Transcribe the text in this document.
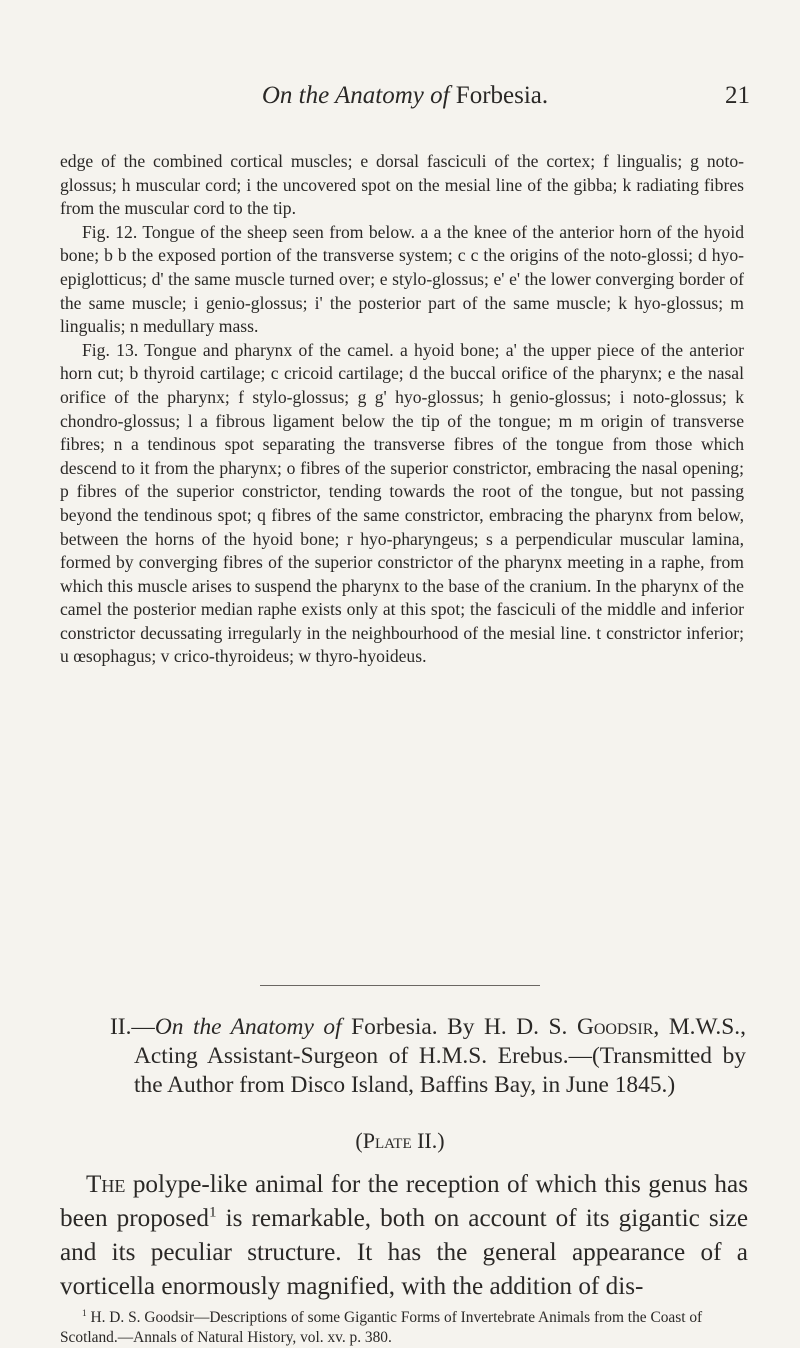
On the Anatomy of Forbesia.	21

edge of the combined cortical muscles; e dorsal fasciculi of the cortex; f lingualis; g noto-glossus; h muscular cord; i the uncovered spot on the mesial line of the gibba; k radiating fibres from the muscular cord to the tip.

Fig. 12. Tongue of the sheep seen from below. a a the knee of the anterior horn of the hyoid bone; b b the exposed portion of the transverse system; c c the origins of the noto-glossi; d hyo-epiglotticus; d' the same muscle turned over; e stylo-glossus; e' e' the lower converging border of the same muscle; i genio-glossus; i' the posterior part of the same muscle; k hyo-glossus; m lingualis; n medullary mass.

Fig. 13. Tongue and pharynx of the camel. a hyoid bone; a' the upper piece of the anterior horn cut; b thyroid cartilage; c cricoid cartilage; d the buccal orifice of the pharynx; e the nasal orifice of the pharynx; f stylo-glossus; g g' hyo-glossus; h genio-glossus; i noto-glossus; k chondro-glossus; l a fibrous ligament below the tip of the tongue; m m origin of transverse fibres; n a tendinous spot separating the transverse fibres of the tongue from those which descend to it from the pharynx; o fibres of the superior constrictor, embracing the nasal opening; p fibres of the superior constrictor, tending towards the root of the tongue, but not passing beyond the tendinous spot; q fibres of the same constrictor, embracing the pharynx from below, between the horns of the hyoid bone; r hyo-pharyngeus; s a perpendicular muscular lamina, formed by converging fibres of the superior constrictor of the pharynx meeting in a raphe, from which this muscle arises to suspend the pharynx to the base of the cranium. In the pharynx of the camel the posterior median raphe exists only at this spot; the fasciculi of the middle and inferior constrictor decussating irregularly in the neighbourhood of the mesial line. t constrictor inferior; u œsophagus; v crico-thyroideus; w thyro-hyoideus.

II.—On the Anatomy of Forbesia. By H. D. S. Goodsir, M.W.S., Acting Assistant-Surgeon of H.M.S. Erebus.—(Transmitted by the Author from Disco Island, Baffins Bay, in June 1845.)

(Plate II.)

The polype-like animal for the reception of which this genus has been proposed$^1$ is remarkable, both on account of its gigantic size and its peculiar structure. It has the general appearance of a vorticella enormously magnified, with the addition of dis-

$^1$ H. D. S. Goodsir—Descriptions of some Gigantic Forms of Invertebrate Animals from the Coast of Scotland.—Annals of Natural History, vol. xv. p. 380.
